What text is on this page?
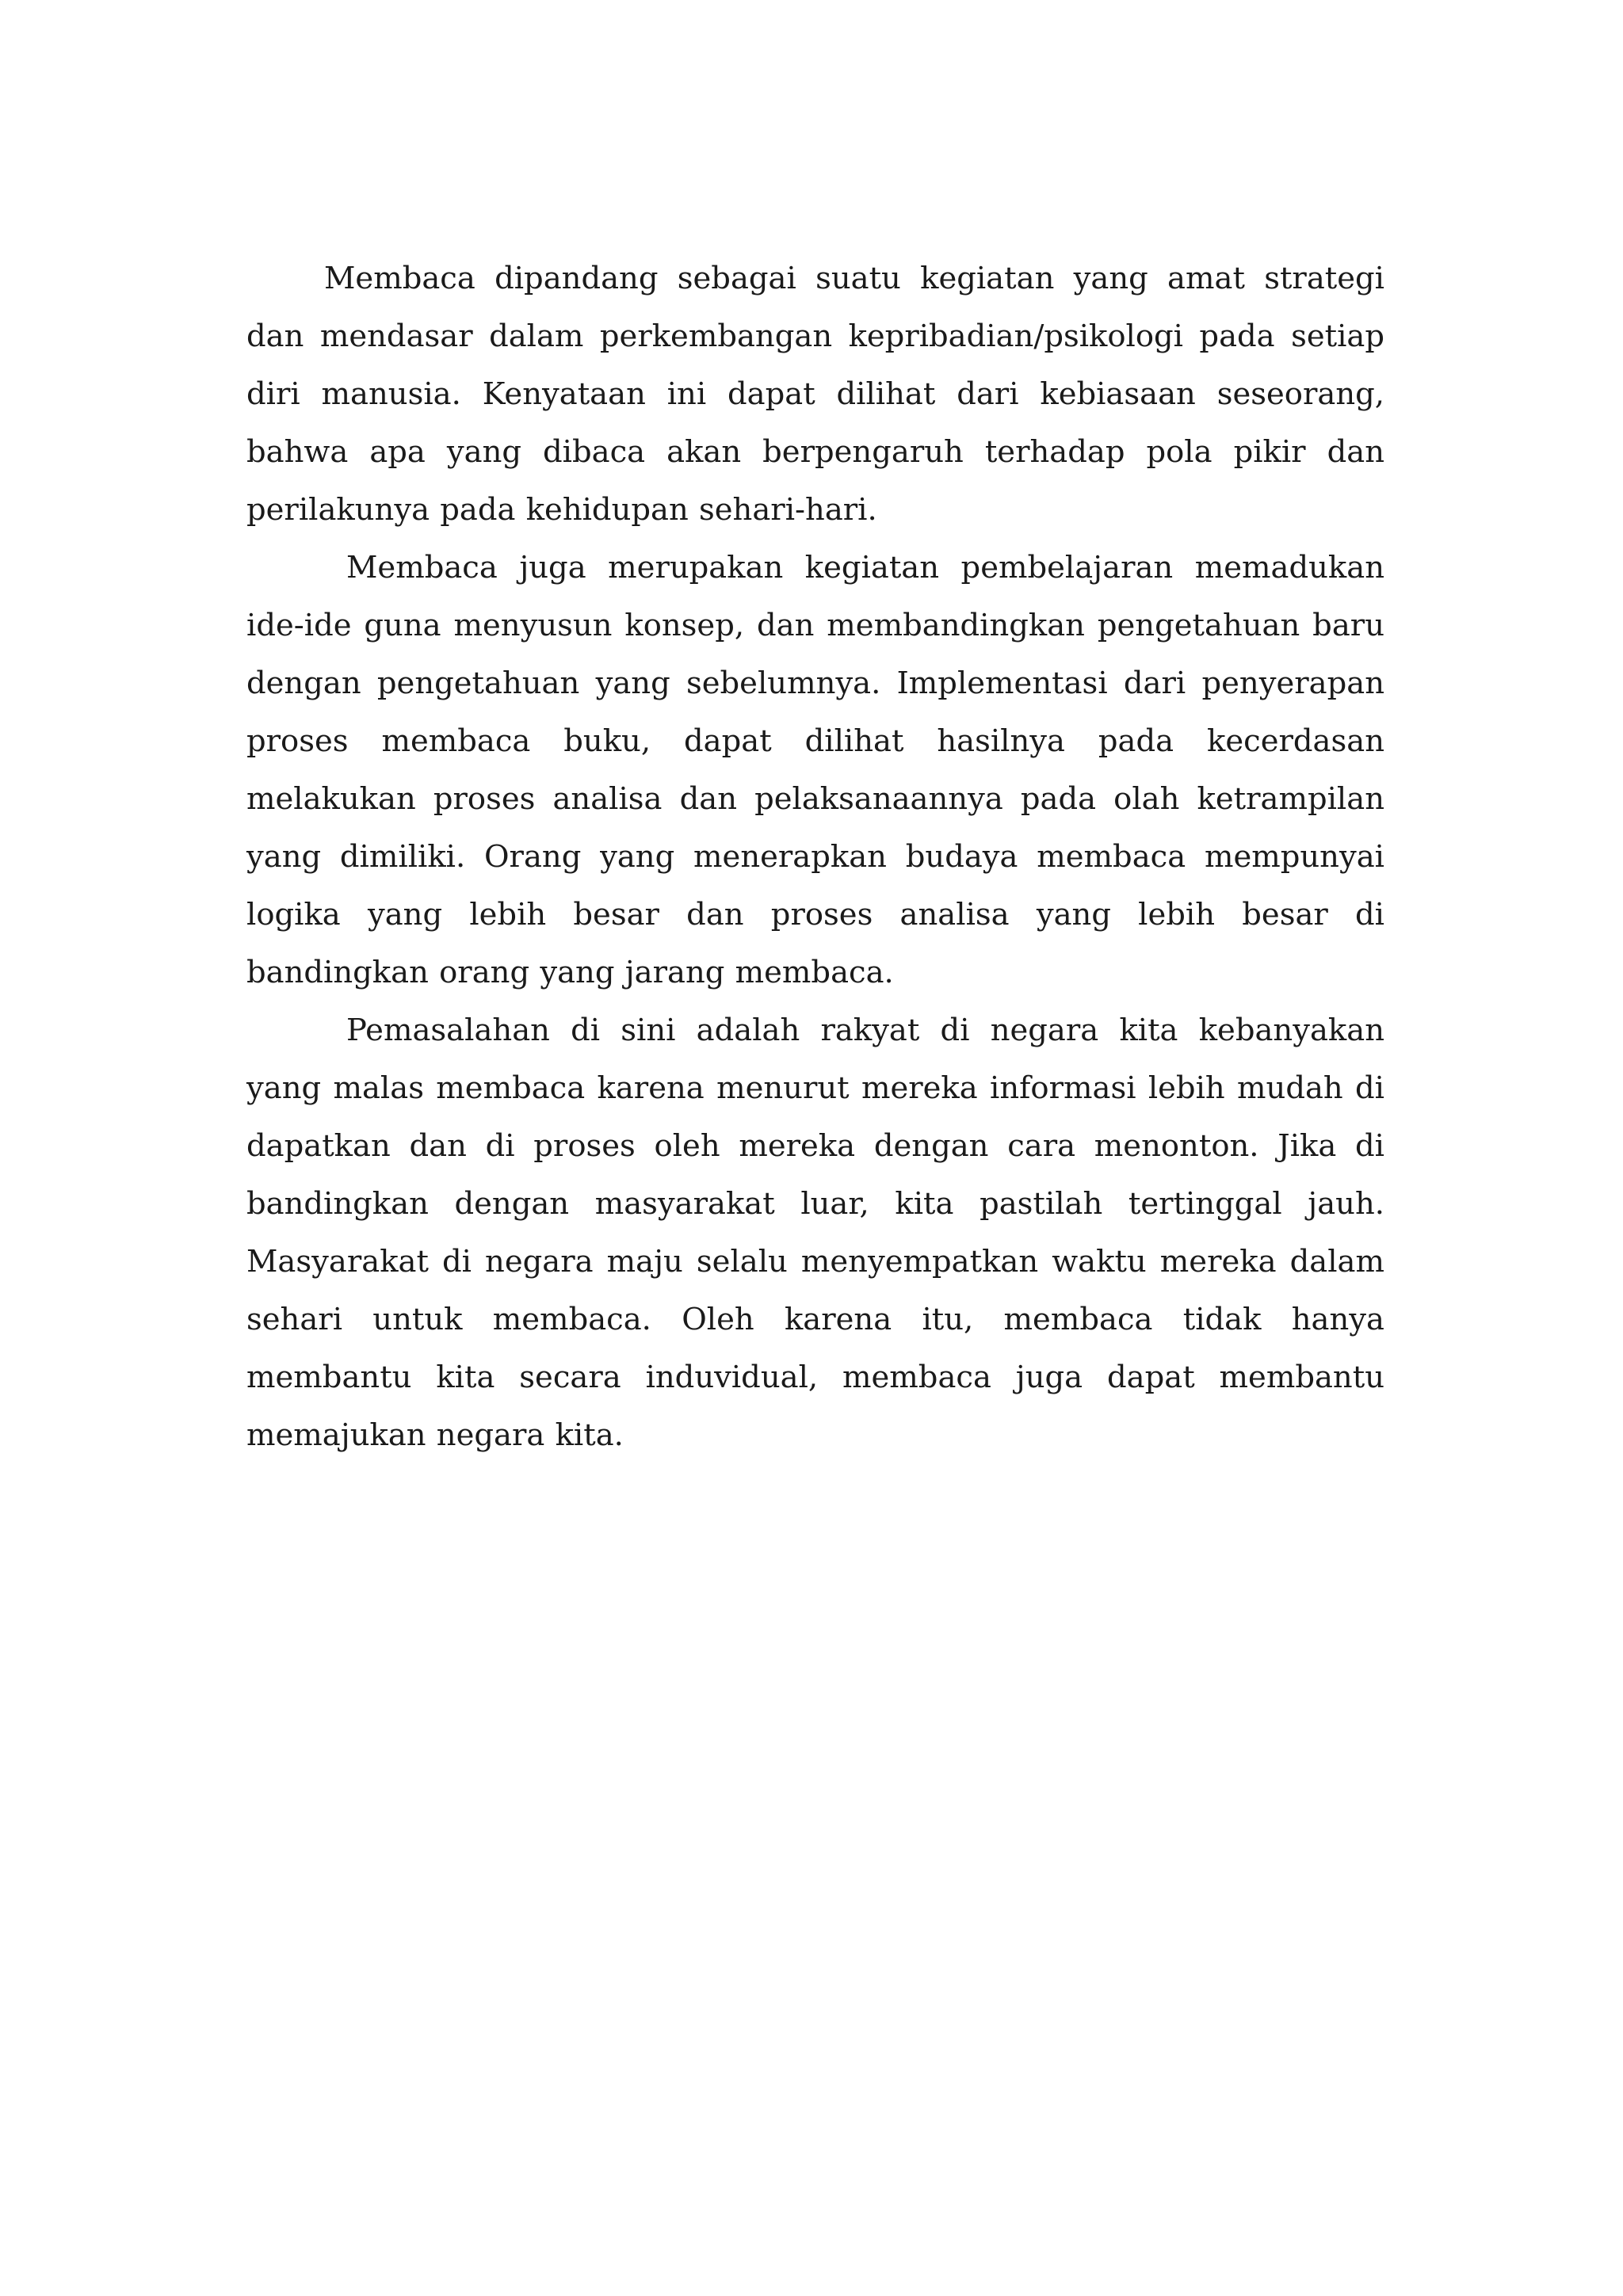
Membaca dipandang sebagai suatu kegiatan yang amat strategi dan mendasar dalam perkembangan kepribadian/psikologi pada setiap diri manusia. Kenyataan ini dapat dilihat dari kebiasaan seseorang, bahwa apa yang dibaca akan berpengaruh terhadap pola pikir dan perilakunya pada kehidupan sehari-hari.

Membaca juga merupakan kegiatan pembelajaran memadukan ide-ide guna menyusun konsep, dan membandingkan pengetahuan baru dengan pengetahuan yang sebelumnya. Implementasi dari penyerapan proses membaca buku, dapat dilihat hasilnya pada kecerdasan melakukan proses analisa dan pelaksanaannya pada olah ketrampilan yang dimiliki. Orang yang menerapkan budaya membaca mempunyai logika yang lebih besar dan proses analisa yang lebih besar di bandingkan orang yang jarang membaca.

Pemasalahan di sini adalah rakyat di negara kita kebanyakan yang malas membaca karena menurut mereka informasi lebih mudah di dapatkan dan di proses oleh mereka dengan cara menonton. Jika di bandingkan dengan masyarakat luar, kita pastilah tertinggal jauh. Masyarakat di negara maju selalu menyempatkan waktu mereka dalam sehari untuk membaca. Oleh karena itu, membaca tidak hanya membantu kita secara induvidual, membaca juga dapat membantu memajukan negara kita.
